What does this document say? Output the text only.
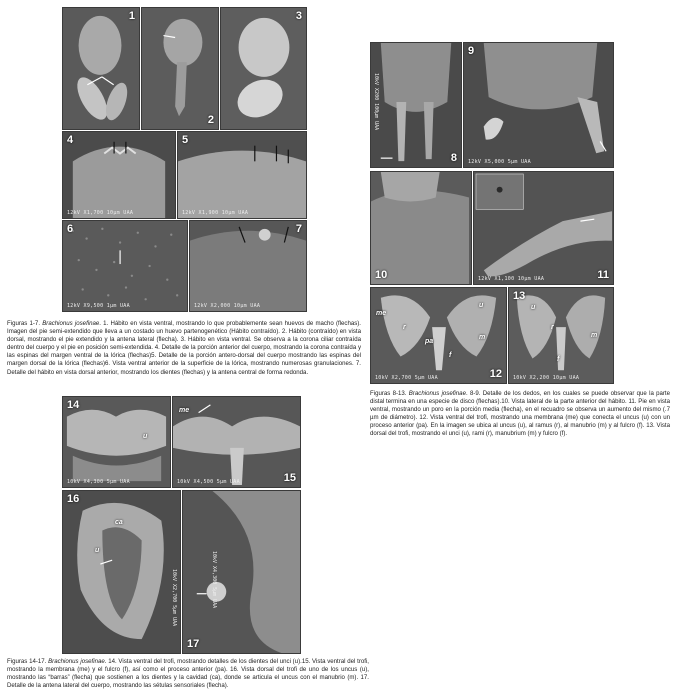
1
2
3
4
12kV X1,700 10µm UAA
5
12kV X1,900 10µm UAA
6
12kV X9,500 1µm UAA
7
12kV X2,000 10µm UAA
Figuras 1-7. Brachionus josefinae. 1. Hábito en vista ventral, mostrando lo que probablemente sean huevos de macho (flechas). Imagen del pie semi-extendido que lleva a un costado un huevo partenogenético (Hábito contraído). 2. Hábito (contraído) en vista dorsal, mostrando el pie extendido y la antena lateral (flecha). 3. Hábito en vista ventral. Se observa a la corona ciliar contraída dentro del cuerpo y el pie en posición semi-extendida. 4. Detalle de la porción anterior del cuerpo, mostrando la corona contraída y las espinas del margen ventral de la lórica (flechas)5. Detalle de la porción antero-dorsal del cuerpo mostrando las espinas del margen dorsal de la lórica (flechas)6. Vista ventral anterior de la superficie de la lórica, mostrando numerosas granulaciones. 7. Detalle del hábito en vista dorsal anterior, mostrando los dientes (flechas) y la antena central de forma redonda.
10kV X200 100µm UAA
8
9
12kV X5,000 5µm UAA
10	11
12kV X1,100 10µm UAA
me
r
u
m
pa
f
12
10kV X2,700 5µm UAA
u
r
m
f
13
10kV X2,200 10µm UAA
Figuras 8-13. Brachionus josefinae. 8-9. Detalle de los dedos, en los cuales se puede observar que la parte distal termina en una especie de disco (flechas).10. Vista lateral de la parte anterior del hábito. 11. Pie en vista ventral, mostrando un poro en la porción media (flecha), en el recuadro se observa un aumento del mismo (.7 µm de diámetro). 12. Vista ventral del trofi, mostrando una membrana (me) que conecta el uncus (u) con un proceso anterior (pa). En la imagen se ubica al uncus (u), al ramus (r), al manubrio (m) y al fulcro (f). 13. Vista dorsal del trofi, mostrando el unci (u), rami (r), manubrium (m) y fulcro (f).
u
14
10kV X4,300 5µm UAA
me
15
10kV X4,500 5µm UAA
ca
u
16
10kV X2,700 5µm UAA	10kV X4,300 5µm UAA
17
Figuras 14-17. Brachionus josefinae. 14. Vista ventral del trofi, mostrando detalles de los dientes del unci (u).15. Vista ventral del trofi, mostrando la membrana (me) y el fulcro (f), así como el proceso anterior (pa). 16. Vista dorsal del trofi de uno de los uncus (u), mostrando las “barras” (flecha) que sostienen a los dientes y la cavidad (ca), donde se articula el uncus con el manubrio (m). 17. Detalle de la antena lateral del cuerpo, mostrando las sétulas sensoriales (flecha).
